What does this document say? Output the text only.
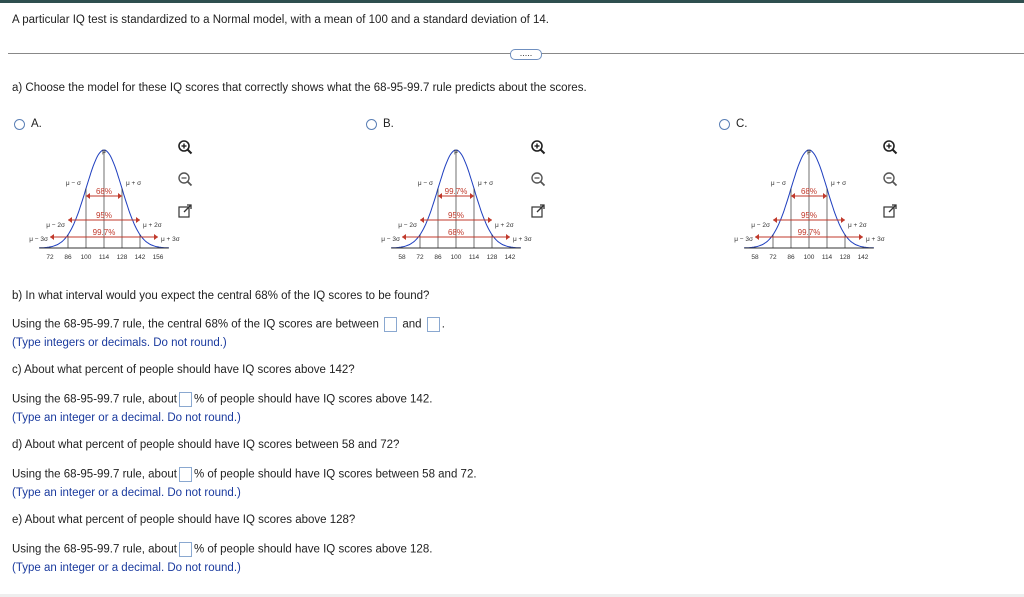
A particular IQ test is standardized to a Normal model, with a mean of 100 and a standard deviation of 14.
.....
a) Choose the model for these IQ scores that correctly shows what the 68-95-99.7 rule predicts about the scores.
A.
68%
95%
99.7%
μ
μ − σ	μ + σ
μ − 2σ	μ + 2σ
μ − 3σ	μ + 3σ
72 86 100 114 128 142 156
B.
99.7%
95%
68%
μ
μ − σ	μ + σ
μ − 2σ	μ + 2σ
μ − 3σ	μ + 3σ
58 72 86 100 114 128 142
C.
68%
95%
99.7%
μ
μ − σ	μ + σ
μ − 2σ	μ + 2σ
μ − 3σ	μ + 3σ
58 72 86 100 114 128 142
b) In what interval would you expect the central 68% of the IQ scores to be found?
Using the 68-95-99.7 rule, the central 68% of the IQ scores are between and .
(Type integers or decimals. Do not round.)
c) About what percent of people should have IQ scores above 142?
Using the 68-95-99.7 rule, about % of people should have IQ scores above 142.
(Type an integer or a decimal. Do not round.)
d) About what percent of people should have IQ scores between 58 and 72?
Using the 68-95-99.7 rule, about % of people should have IQ scores between 58 and 72.
(Type an integer or a decimal. Do not round.)
e) About what percent of people should have IQ scores above 128?
Using the 68-95-99.7 rule, about % of people should have IQ scores above 128.
(Type an integer or a decimal. Do not round.)
